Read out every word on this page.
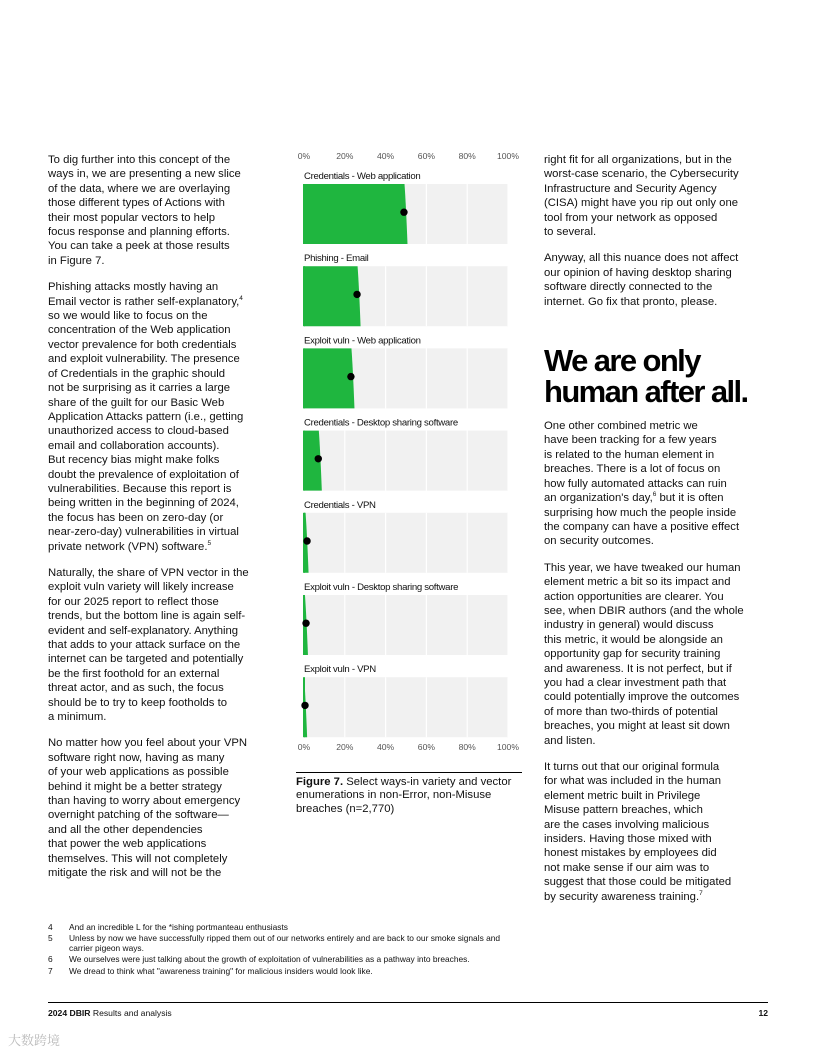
To dig further into this concept of the
ways in, we are presenting a new slice
of the data, where we are overlaying
those different types of Actions with
their most popular vectors to help
focus response and planning efforts.
You can take a peek at those results
in Figure 7.

Phishing attacks mostly having an
Email vector is rather self-explanatory,$^4$
so we would like to focus on the
concentration of the Web application
vector prevalence for both credentials
and exploit vulnerability. The presence
of Credentials in the graphic should
not be surprising as it carries a large
share of the guilt for our Basic Web
Application Attacks pattern (i.e., getting
unauthorized access to cloud-based
email and collaboration accounts).
But recency bias might make folks
doubt the prevalence of exploitation of
vulnerabilities. Because this report is
being written in the beginning of 2024,
the focus has been on zero-day (or
near-zero-day) vulnerabilities in virtual
private network (VPN) software.$^5$

Naturally, the share of VPN vector in the
exploit vuln variety will likely increase
for our 2025 report to reflect those
trends, but the bottom line is again self-
evident and self-explanatory. Anything
that adds to your attack surface on the
internet can be targeted and potentially
be the first foothold for an external
threat actor, and as such, the focus
should be to try to keep footholds to
a minimum.

No matter how you feel about your VPN
software right now, having as many
of your web applications as possible
behind it might be a better strategy
than having to worry about emergency
overnight patching of the software—
and all the other dependencies
that power the web applications
themselves. This will not completely
mitigate the risk and will not be the

0%	20%	40%	60%	80% 100%
0%	20%	40%	60%	80% 100%
Credentials - Web application
Phishing - Email
Exploit vuln - Web application
Credentials - Desktop sharing software
Credentials - VPN
Exploit vuln - Desktop sharing software
Exploit vuln - VPN
Figure 7. Select ways-in variety and vector enumerations in non-Error, non-Misuse breaches (n=2,770)

right fit for all organizations, but in the
worst-case scenario, the Cybersecurity
Infrastructure and Security Agency
(CISA) might have you rip out only one
tool from your network as opposed
to several.

Anyway, all this nuance does not affect
our opinion of having desktop sharing
software directly connected to the
internet. Go fix that pronto, please.

We are only
human after all.

One other combined metric we
have been tracking for a few years
is related to the human element in
breaches. There is a lot of focus on
how fully automated attacks can ruin
an organization's day,$^6$ but it is often
surprising how much the people inside
the company can have a positive effect
on security outcomes.

This year, we have tweaked our human
element metric a bit so its impact and
action opportunities are clearer. You
see, when DBIR authors (and the whole
industry in general) would discuss
this metric, it would be alongside an
opportunity gap for security training
and awareness. It is not perfect, but if
you had a clear investment path that
could potentially improve the outcomes
of more than two-thirds of potential
breaches, you might at least sit down
and listen.

It turns out that our original formula
for what was included in the human
element metric built in Privilege
Misuse pattern breaches, which
are the cases involving malicious
insiders. Having those mixed with
honest mistakes by employees did
not make sense if our aim was to
suggest that those could be mitigated
by security awareness training.$^7$

4	And an incredible L for the *ishing portmanteau enthusiasts
5	Unless by now we have successfully ripped them out of our networks entirely and are back to our smoke signals and carrier pigeon ways.
6	We ourselves were just talking about the growth of exploitation of vulnerabilities as a pathway into breaches.
7	We dread to think what "awareness training" for malicious insiders would look like.
2024 DBIR Results and analysis	12
大数跨境
